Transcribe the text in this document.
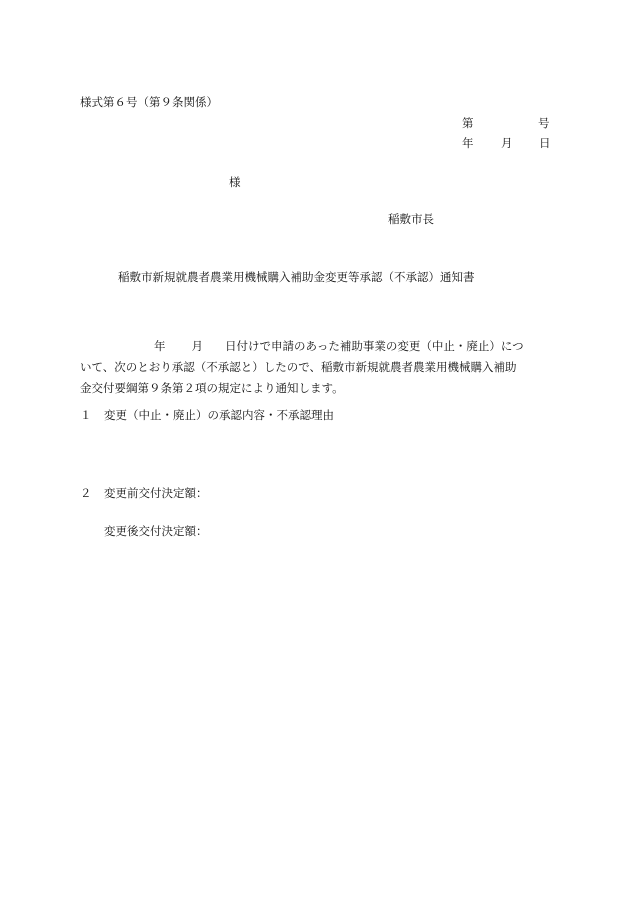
様式第６号（第９条関係）
第	号
年 月 日
様
稲敷市長
稲敷市新規就農者農業用機械購入補助金変更等承認（不承認）通知書
年 月 日付けで申請のあった補助事業の変更（中止・廃止）につ
いて、次のとおり承認（不承認と）したので、稲敷市新規就農者農業用機械購入補助
金交付要綱第９条第２項の規定により通知します。
１ 変更（中止・廃止）の承認内容・不承認理由
２ 変更前交付決定額：
変更後交付決定額：
